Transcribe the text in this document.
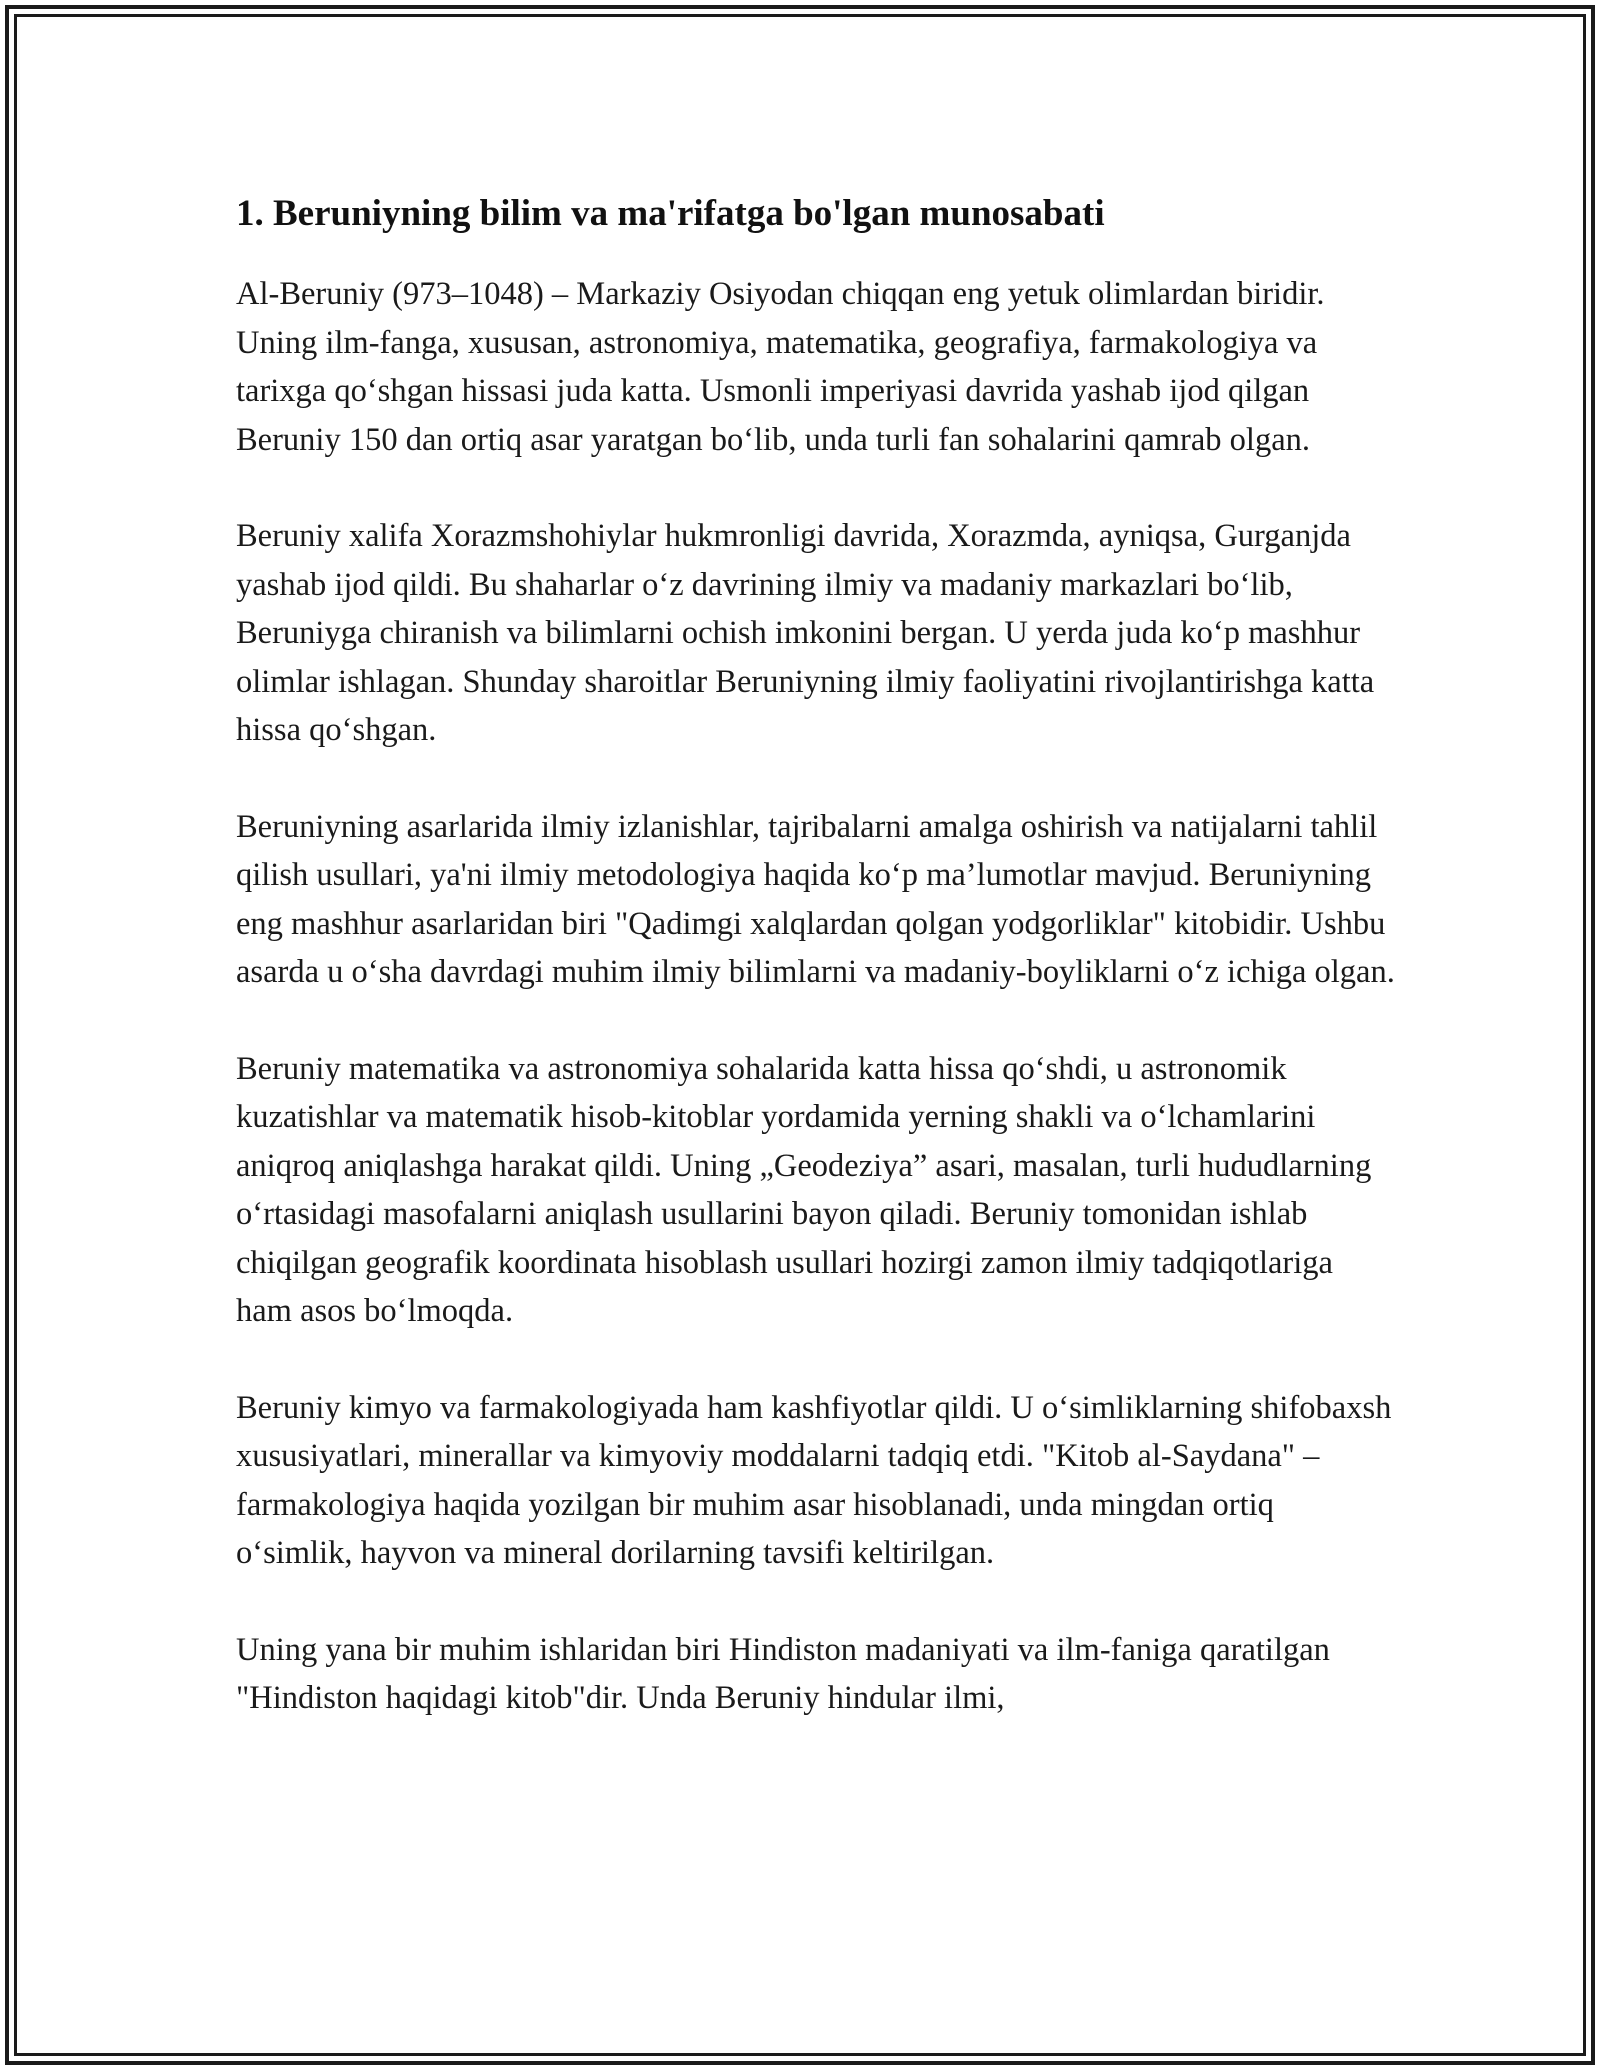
1. Beruniyning bilim va ma'rifatga bo'lgan munosabati

Al-Beruniy (973–1048) – Markaziy Osiyodan chiqqan eng yetuk olimlardan biridir. Uning ilm-fanga, xususan, astronomiya, matematika, geografiya, farmakologiya va tarixga qo‘shgan hissasi juda katta. Usmonli imperiyasi davrida yashab ijod qilgan Beruniy 150 dan ortiq asar yaratgan bo‘lib, unda turli fan sohalarini qamrab olgan.

Beruniy xalifa Xorazmshohiylar hukmronligi davrida, Xorazmda, ayniqsa, Gurganjda yashab ijod qildi. Bu shaharlar o‘z davrining ilmiy va madaniy markazlari bo‘lib, Beruniyga chiranish va bilimlarni ochish imkonini bergan. U yerda juda ko‘p mashhur olimlar ishlagan. Shunday sharoitlar Beruniyning ilmiy faoliyatini rivojlantirishga katta hissa qo‘shgan.

Beruniyning asarlarida ilmiy izlanishlar, tajribalarni amalga oshirish va natijalarni tahlil qilish usullari, ya'ni ilmiy metodologiya haqida ko‘p ma’lumotlar mavjud. Beruniyning eng mashhur asarlaridan biri "Qadimgi xalqlardan qolgan yodgorliklar" kitobidir. Ushbu asarda u o‘sha davrdagi muhim ilmiy bilimlarni va madaniy-boyliklarni o‘z ichiga olgan.

Beruniy matematika va astronomiya sohalarida katta hissa qo‘shdi, u astronomik kuzatishlar va matematik hisob-kitoblar yordamida yerning shakli va o‘lchamlarini aniqroq aniqlashga harakat qildi. Uning „Geodeziya” asari, masalan, turli hududlarning o‘rtasidagi masofalarni aniqlash usullarini bayon qiladi. Beruniy tomonidan ishlab chiqilgan geografik koordinata hisoblash usullari hozirgi zamon ilmiy tadqiqotlariga ham asos bo‘lmoqda.

Beruniy kimyo va farmakologiyada ham kashfiyotlar qildi. U o‘simliklarning shifobaxsh xususiyatlari, minerallar va kimyoviy moddalarni tadqiq etdi. "Kitob al-Saydana" – farmakologiya haqida yozilgan bir muhim asar hisoblanadi, unda mingdan ortiq o‘simlik, hayvon va mineral dorilarning tavsifi keltirilgan.

Uning yana bir muhim ishlaridan biri Hindiston madaniyati va ilm-faniga qaratilgan "Hindiston haqidagi kitob"dir. Unda Beruniy hindular ilmi,
